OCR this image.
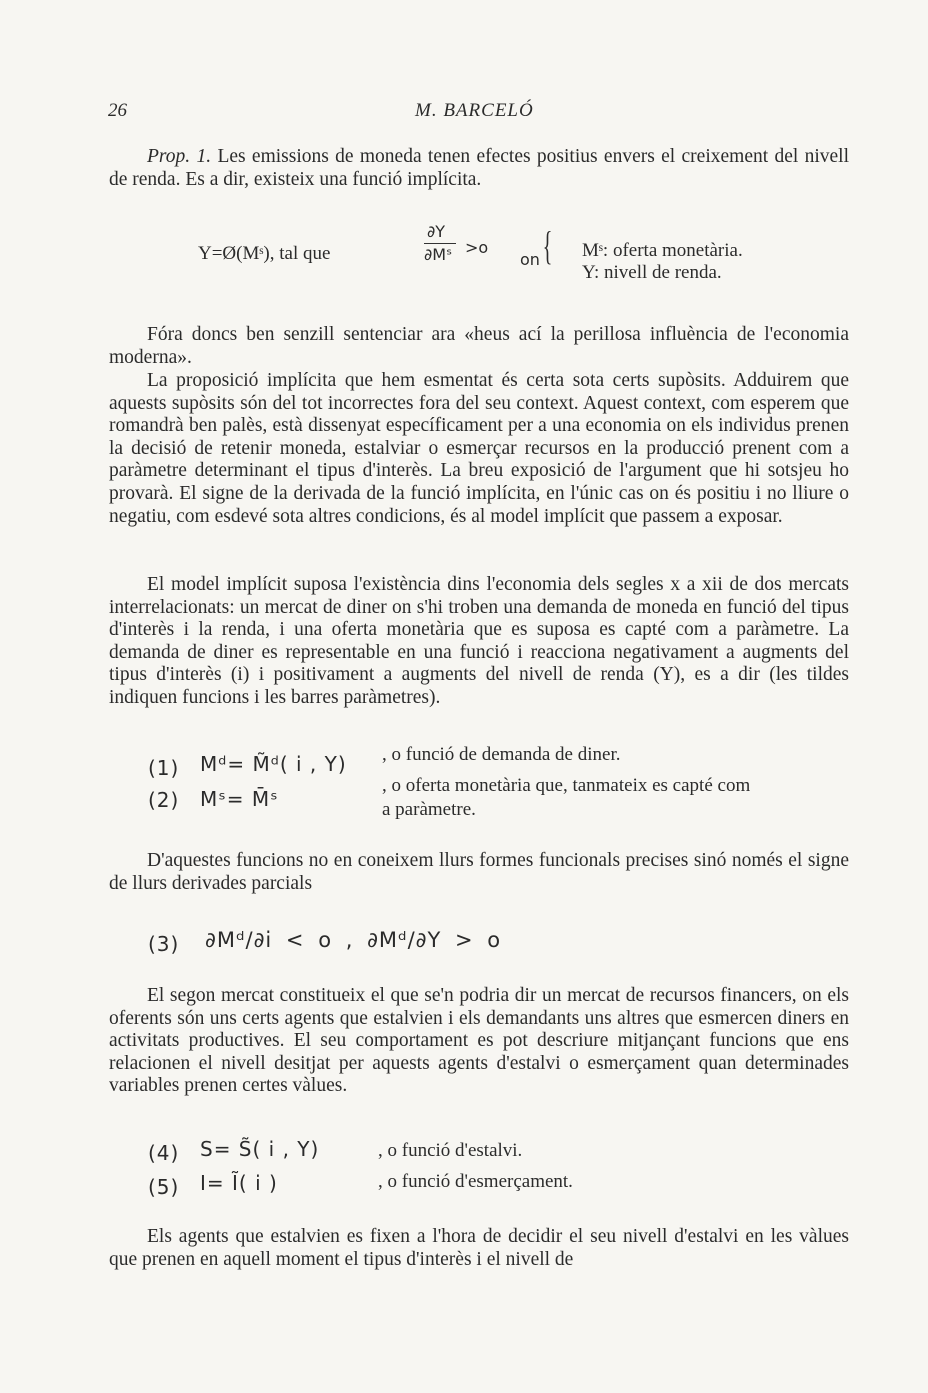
26	M. BARCELÓ

Prop. 1. Les emissions de moneda tenen efectes positius envers el creixement del nivell de renda. Es a dir, existeix una funció implícita.

Y=Ø(Mˢ), tal que
∂Y
∂Mˢ >o
on { Mˢ: oferta monetària.
Y: nivell de renda.

Fóra doncs ben senzill sentenciar ara «heus ací la perillosa influència de l'economia moderna».

La proposició implícita que hem esmentat és certa sota certs supòsits. Adduirem que aquests supòsits són del tot incorrectes fora del seu context. Aquest context, com esperem que romandrà ben palès, està dissenyat específicament per a una economia on els individus prenen la decisió de retenir moneda, estalviar o esmerçar recursos en la producció prenent com a paràmetre determinant el tipus d'interès. La breu exposició de l'argument que hi sotsjeu ho provarà. El signe de la derivada de la funció implícita, en l'únic cas on és positiu i no lliure o negatiu, com esdevé sota altres condicions, és al model implícit que passem a exposar.

El model implícit suposa l'existència dins l'economia dels segles x a xii de dos mercats interrelacionats: un mercat de diner on s'hi troben una demanda de moneda en funció del tipus d'interès i la renda, i una oferta monetària que es suposa es capté com a paràmetre. La demanda de diner es representable en una funció i reacciona negativament a augments del tipus d'interès (i) i positivament a augments del nivell de renda (Y), es a dir (les tildes indiquen funcions i les barres paràmetres).

(1) Mᵈ= M̃ᵈ( i , Y) , o funció de demanda de diner.
(2) Mˢ= M̄ˢ
, o oferta monetària que, tanmateix es capté com
a paràmetre.

D'aquestes funcions no en coneixem llurs formes funcionals precises sinó només el signe de llurs derivades parcials

(3) ∂Mᵈ/∂i < o , ∂Mᵈ/∂Y > o

El segon mercat constitueix el que se'n podria dir un mercat de recursos financers, on els oferents són uns certs agents que estalvien i els demandants uns altres que esmercen diners en activitats productives. El seu comportament es pot descriure mitjançant funcions que ens relacionen el nivell desitjat per aquests agents d'estalvi o esmerçament quan determinades variables prenen certes vàlues.

(4) S= S̃( i , Y)	, o funció d'estalvi.
(5) I= Ĩ( i )	, o funció d'esmerçament.

Els agents que estalvien es fixen a l'hora de decidir el seu nivell d'estalvi en les vàlues que prenen en aquell moment el tipus d'interès i el nivell de
